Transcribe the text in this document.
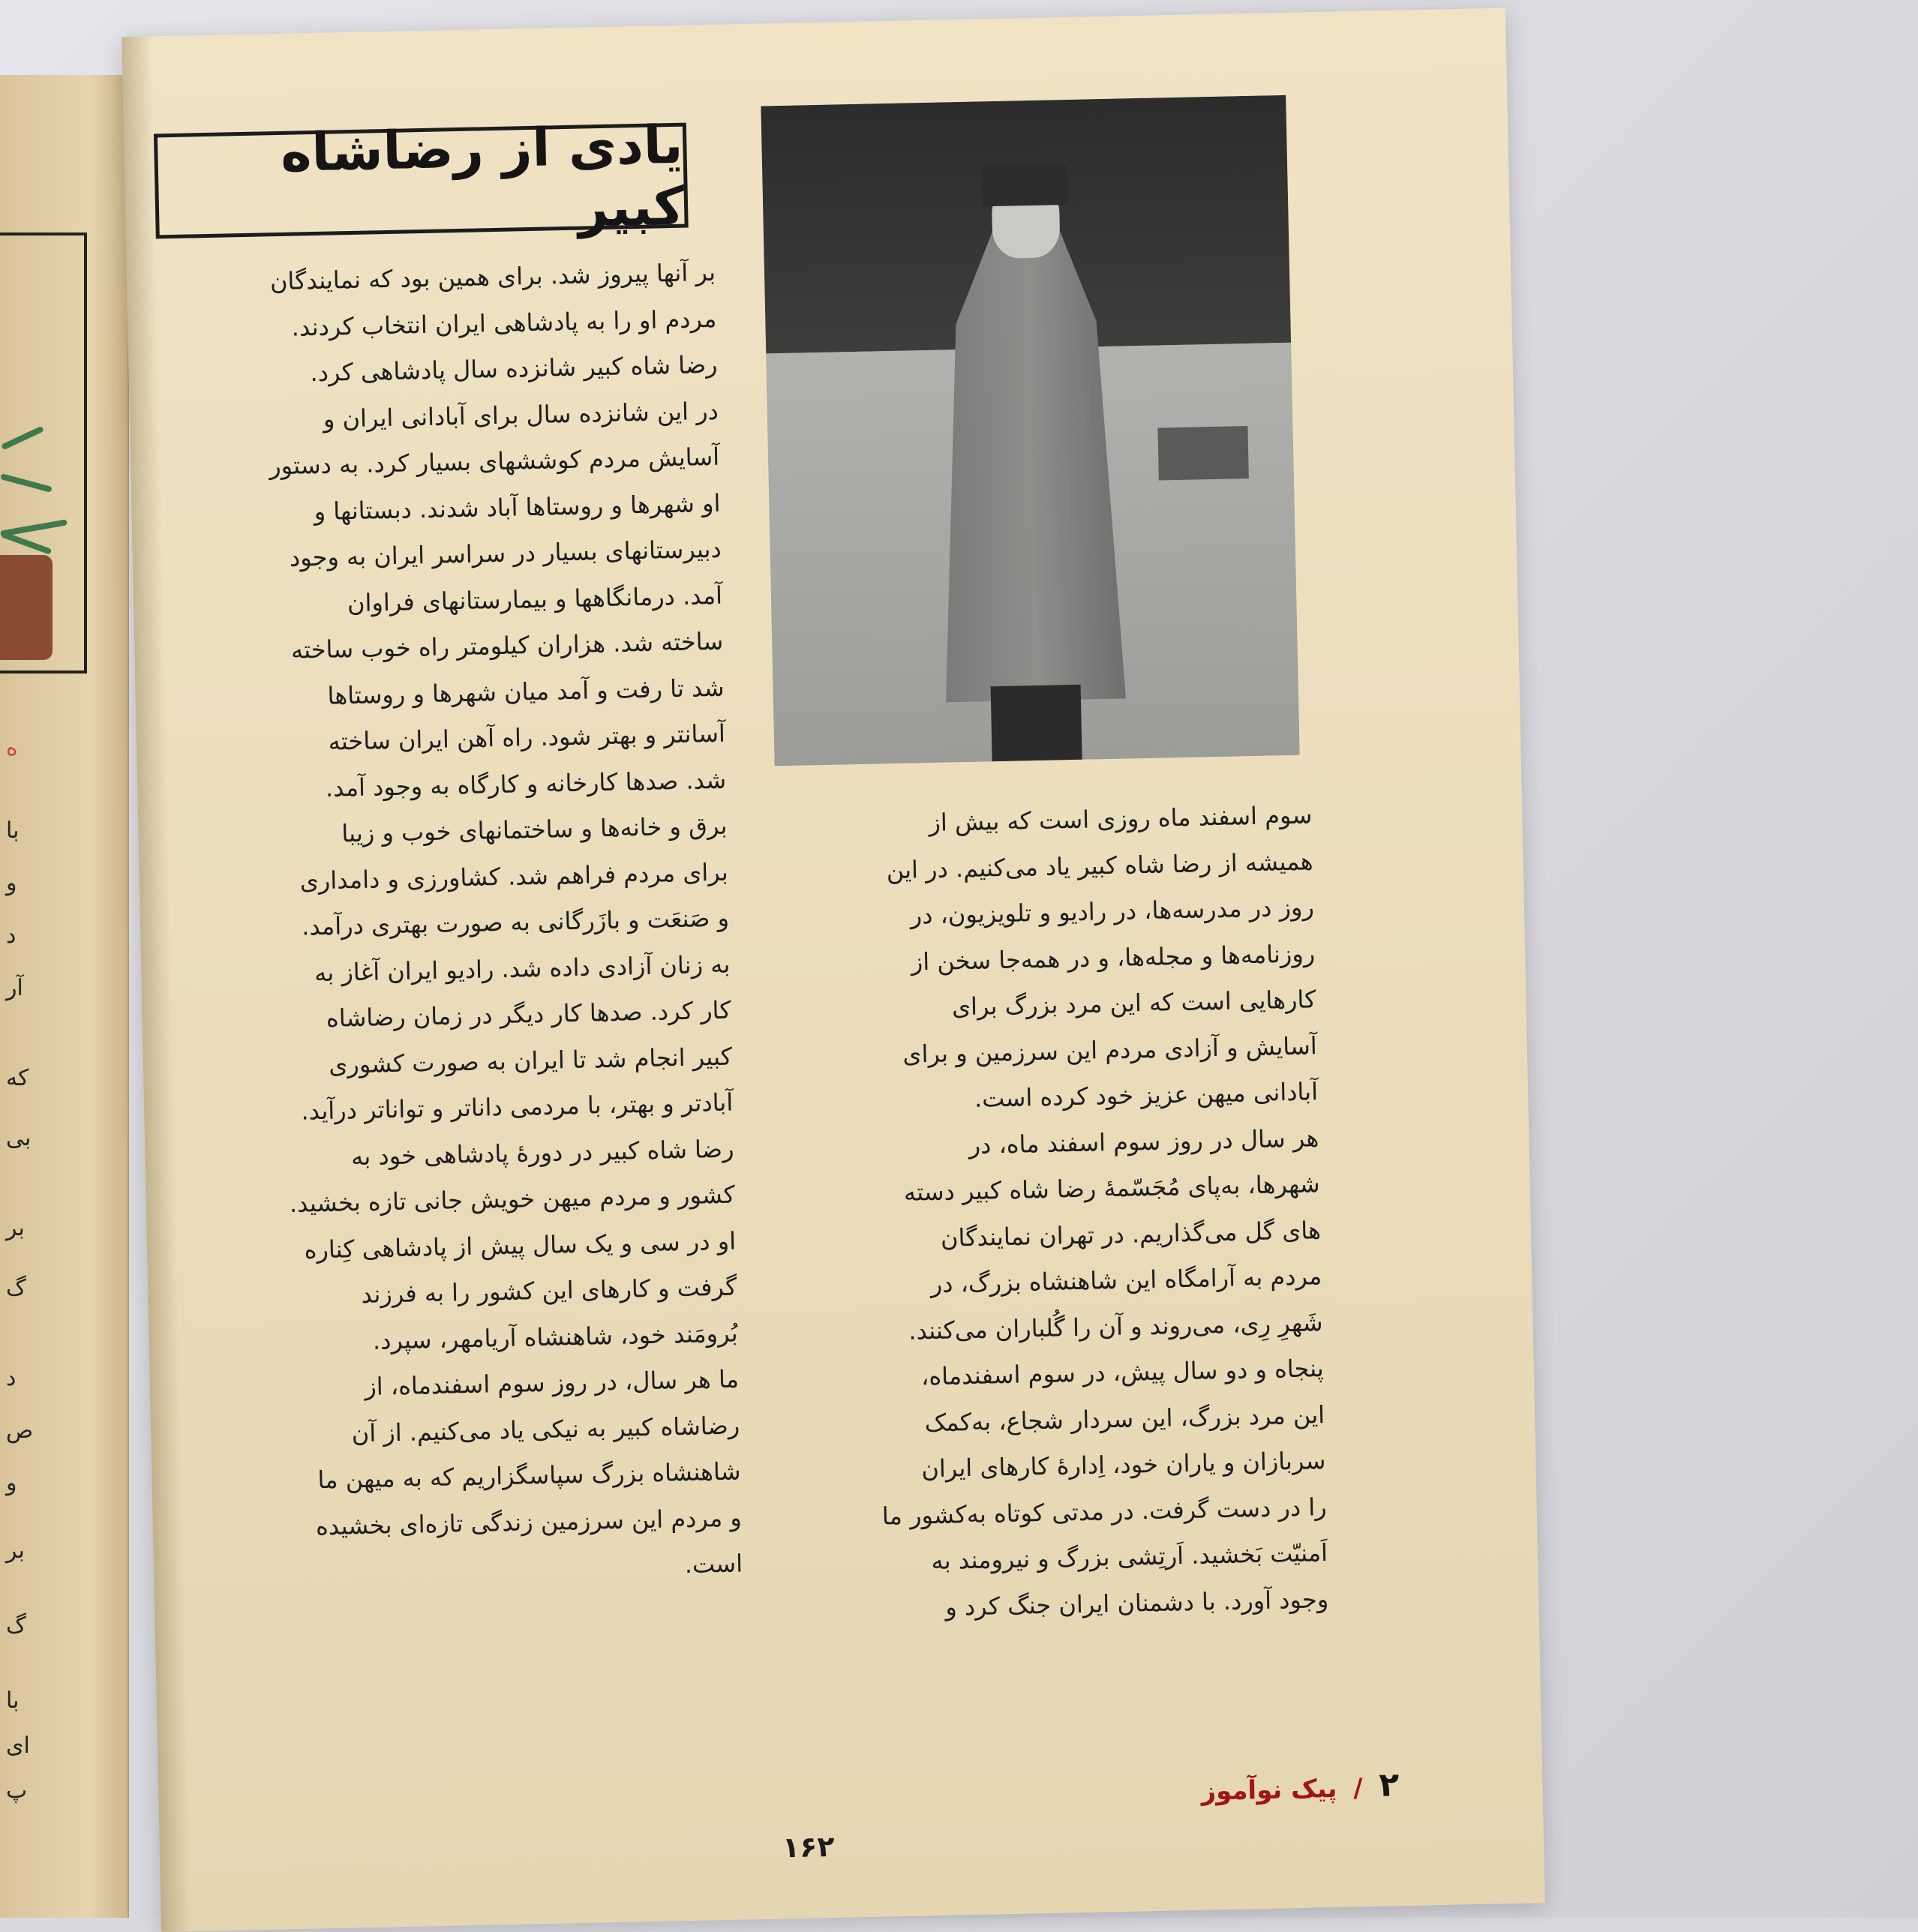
ه
با
و
د
آر
که
بی
بر
گ
د
ص
و
بر
گ
با
ای
پ
یادی از رضاشاه کبیر
بر آنها پیروز شد. برای همین بود که نمایندگان
مردم او را به پادشاهی ایران انتخاب کردند.
رضا شاه کبیر شانزده سال پادشاهی کرد.
در این شانزده سال برای آبادانی ایران و
آسایش مردم کوششهای بسیار کرد. به دستور
او شهرها و روستاها آباد شدند. دبستانها و
دبیرستانهای بسیار در سراسر ایران به وجود
آمد. درمانگاهها و بیمارستانهای فراوان
ساخته شد. هزاران کیلومتر راه خوب ساخته
شد تا رفت و آمد میان شهرها و روستاها
آسانتر و بهتر شود. راه آهن ایران ساخته
شد. صدها کارخانه و کارگاه به وجود آمد.
برق و خانه‌ها و ساختمانهای خوب و زیبا
برای مردم فراهم شد. کشاورزی و دامداری
و صَنعَت و بازَرگانی به صورت بهتری درآمد.
به زنان آزادی داده شد. رادیو ایران آغاز به
کار کرد. صدها کار دیگر در زمان رضاشاه
کبیر انجام شد تا ایران به صورت کشوری
آبادتر و بهتر، با مردمی داناتر و تواناتر درآید.
رضا شاه کبیر در دورهٔ پادشاهی خود به
کشور و مردم میهن خویش جانی تازه بخشید.
او در سی و یک سال پیش از پادشاهی کِناره
گرفت و کارهای این کشور را به فرزند
بُرومَند خود، شاهنشاه آریامهر، سپرد.
ما هر سال، در روز سوم اسفندماه، از
رضاشاه کبیر به نیکی یاد می‌کنیم. از آن
شاهنشاه بزرگ سپاسگزاریم که به میهن ما
و مردم این سرزمین زندگی تازه‌ای بخشیده
است.
سوم اسفند ماه روزی است که بیش از
همیشه از رضا شاه کبیر یاد می‌کنیم. در این
روز در مدرسه‌ها، در رادیو و تلویزیون، در
روزنامه‌ها و مجله‌ها، و در همه‌جا سخن از
کارهایی است که این مرد بزرگ برای
آسایش و آزادی مردم این سرزمین و برای
آبادانی میهن عزیز خود کرده است.
هر سال در روز سوم اسفند ماه، در
شهرها، به‌پای مُجَسّمهٔ رضا شاه کبیر دسته‌
های گل می‌گذاریم. در تهران نمایندگان
مردم به آرامگاه این شاهنشاه بزرگ، در
شَهرِ رِی، می‌روند و آن را گُلباران می‌کنند.
پنجاه و دو سال پیش، در سوم اسفندماه،
این مرد بزرگ، این سردار شجاع، به‌کمک
سربازان و یاران خود، اِدارهٔ کارهای ایران
را در دست گرفت. در مدتی کوتاه به‌کشور ما
اَمنیّت بَخشید. اَرتِشی بزرگ و نیرومند به
وجود آورد. با دشمنان ایران جنگ کرد و
۲ / پیک نوآموز
۱۶۲
